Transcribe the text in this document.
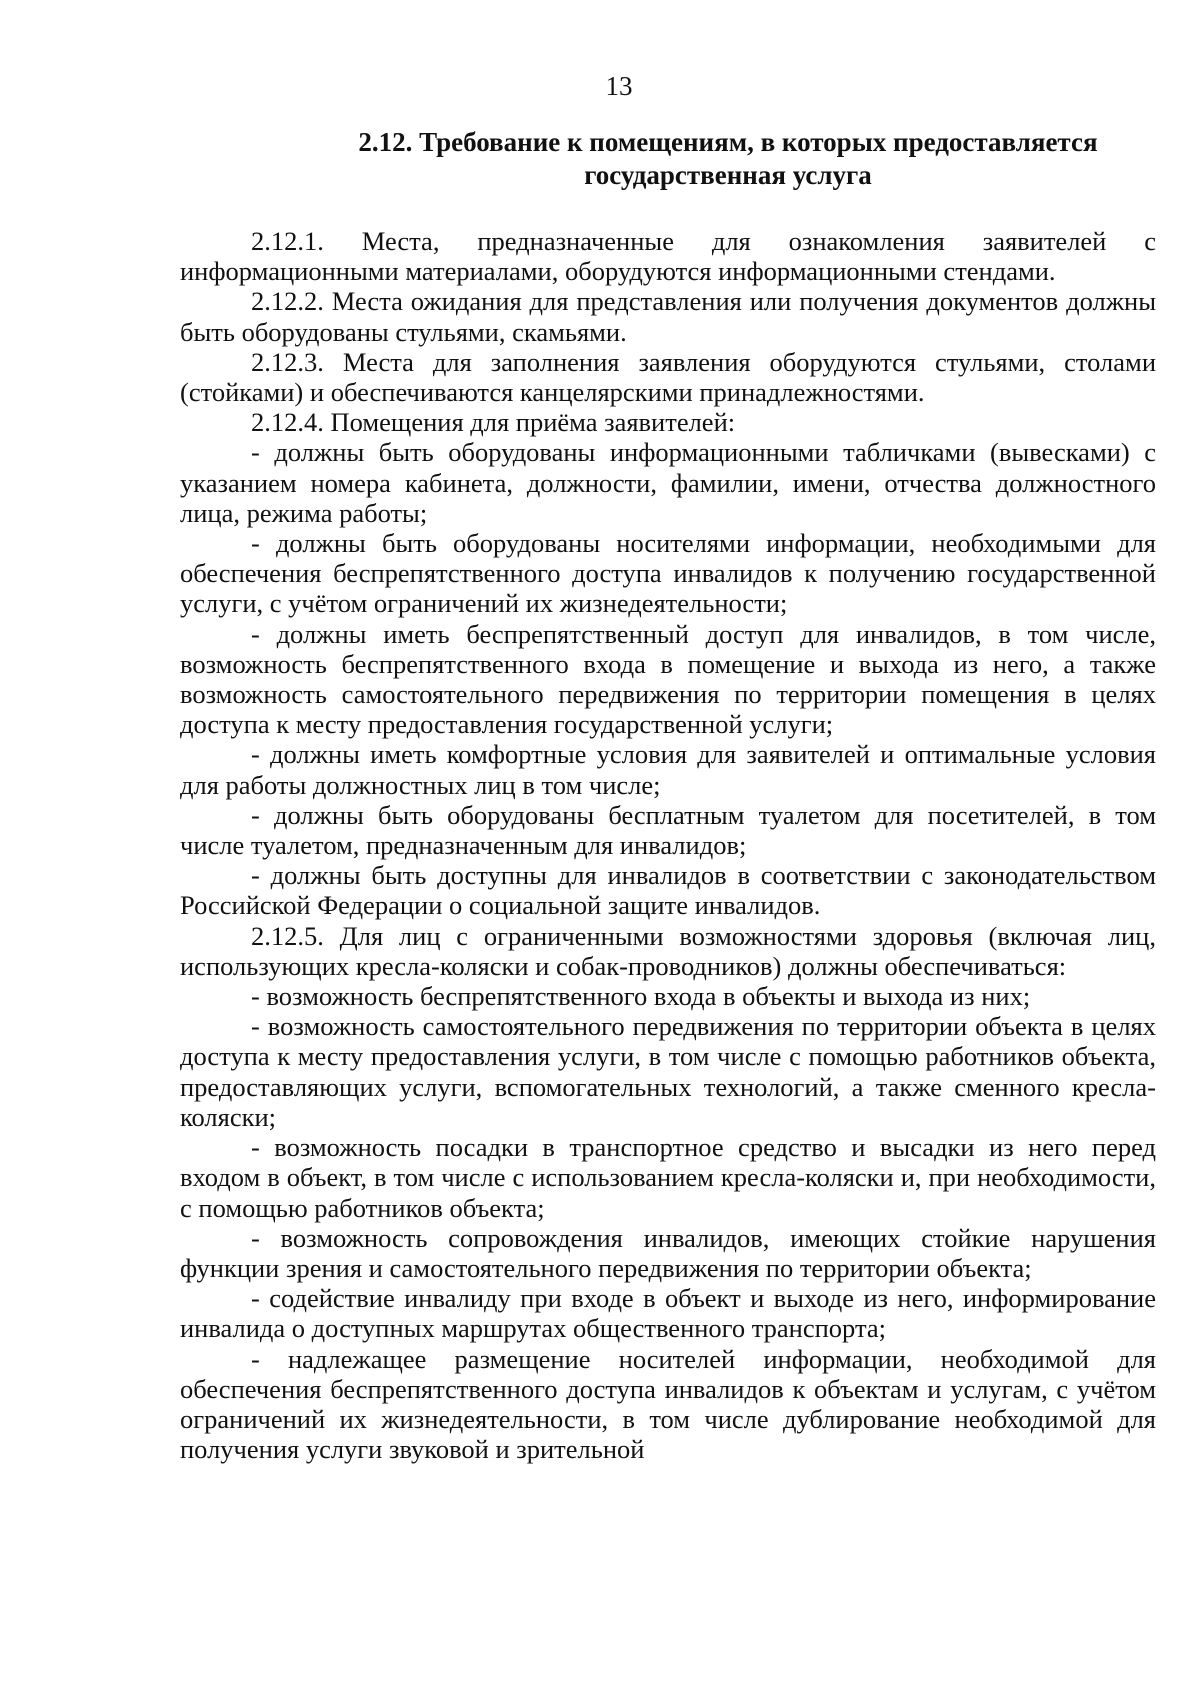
13
2.12. Требование к помещениям, в которых предоставляется
государственная услуга

2.12.1. Места, предназначенные для ознакомления заявителей с информационными материалами, оборудуются информационными стендами.

2.12.2. Места ожидания для представления или получения документов должны быть оборудованы стульями, скамьями.

2.12.3. Места для заполнения заявления оборудуются стульями, столами (стойками) и обеспечиваются канцелярскими принадлежностями.

2.12.4. Помещения для приёма заявителей:

- должны быть оборудованы информационными табличками (вывесками) с указанием номера кабинета, должности, фамилии, имени, отчества должностного лица, режима работы;

- должны быть оборудованы носителями информации, необходимыми для обеспечения беспрепятственного доступа инвалидов к получению государственной услуги, с учётом ограничений их жизнедеятельности;

- должны иметь беспрепятственный доступ для инвалидов, в том числе, возможность беспрепятственного входа в помещение и выхода из него, а также возможность самостоятельного передвижения по территории помещения в целях доступа к месту предоставления государственной услуги;

- должны иметь комфортные условия для заявителей и оптимальные условия для работы должностных лиц в том числе;

- должны быть оборудованы бесплатным туалетом для посетителей, в том числе туалетом, предназначенным для инвалидов;

- должны быть доступны для инвалидов в соответствии с законодательством Российской Федерации о социальной защите инвалидов.

2.12.5. Для лиц с ограниченными возможностями здоровья (включая лиц, использующих кресла-коляски и собак-проводников) должны обеспечиваться:

- возможность беспрепятственного входа в объекты и выхода из них;

- возможность самостоятельного передвижения по территории объекта в целях доступа к месту предоставления услуги, в том числе с помощью работников объекта, предоставляющих услуги, вспомогательных технологий, а также сменного кресла-коляски;

- возможность посадки в транспортное средство и высадки из него перед входом в объект, в том числе с использованием кресла-коляски и, при необходимости, с помощью работников объекта;

- возможность сопровождения инвалидов, имеющих стойкие нарушения функции зрения и самостоятельного передвижения по территории объекта;

- содействие инвалиду при входе в объект и выходе из него, информирование инвалида о доступных маршрутах общественного транспорта;

- надлежащее размещение носителей информации, необходимой для обеспечения беспрепятственного доступа инвалидов к объектам и услугам, с учётом ограничений их жизнедеятельности, в том числе дублирование необходимой для получения услуги звуковой и зрительной
